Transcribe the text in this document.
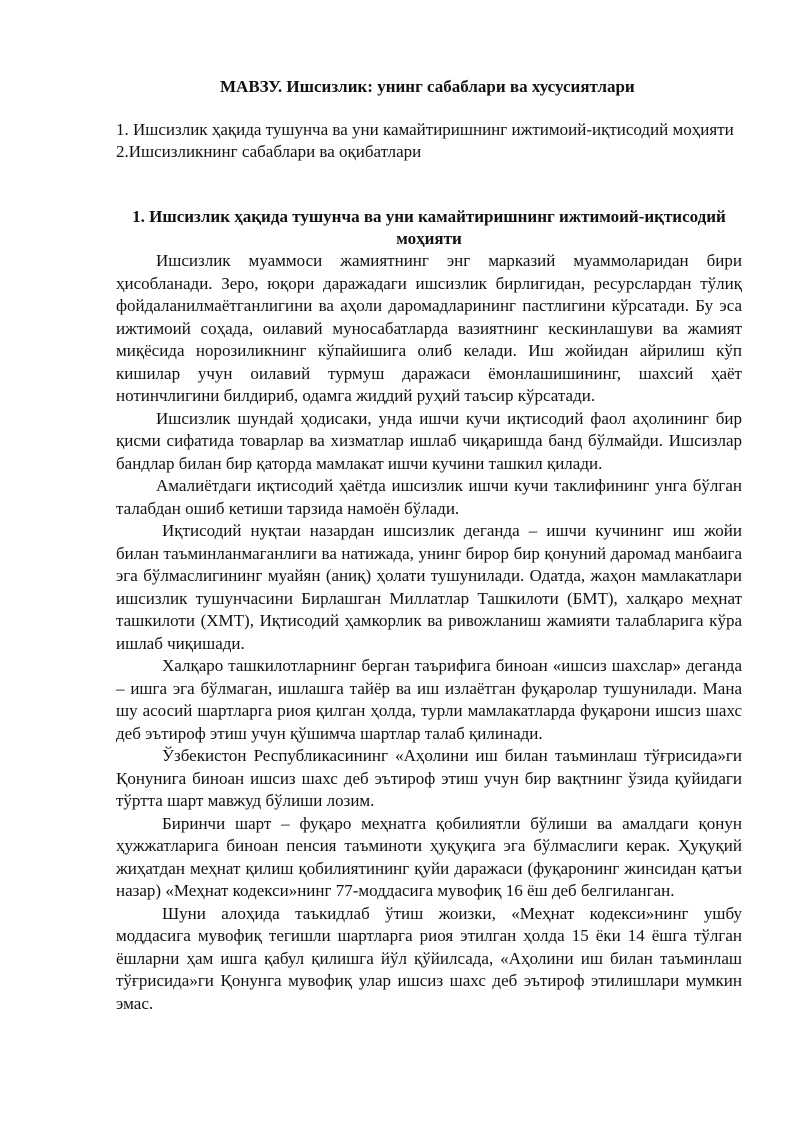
МАВЗУ. Ишсизлик: унинг сабаблари ва хусусиятлари
1. Ишсизлик ҳақида тушунча ва уни камайтиришнинг ижтимоий-иқтисодий моҳияти
2.Ишсизликнинг сабаблари ва оқибатлари
1. Ишсизлик ҳақида тушунча ва уни камайтиришнинг ижтимоий-иқтисодий моҳияти

Ишсизлик муаммоси жамиятнинг энг марказий муаммоларидан бири ҳисобланади. Зеро, юқори даражадаги ишсизлик бирлигидан, ресурслардан тўлиқ фойдаланилмаётганлигини ва аҳоли даромадларининг пастлигини кўрсатади. Бу эса ижтимоий соҳада, оилавий муносабатларда вазиятнинг кескинлашуви ва жамият миқёсида норозиликнинг кўпайишига олиб келади. Иш жойидан айрилиш кўп кишилар учун оилавий турмуш даражаси ёмонлашишининг, шахсий ҳаёт нотинчлигини билдириб, одамга жиддий руҳий таъсир кўрсатади.

Ишсизлик шундай ҳодисаки, унда ишчи кучи иқтисодий фаол аҳолининг бир қисми сифатида товарлар ва хизматлар ишлаб чиқаришда банд бўлмайди. Ишсизлар бандлар билан бир қаторда мамлакат ишчи кучини ташкил қилади.

Амалиётдаги иқтисодий ҳаётда ишсизлик ишчи кучи таклифининг унга бўлган талабдан ошиб кетиши тарзида намоён бўлади.

Иқтисодий нуқтаи назардан ишсизлик деганда – ишчи кучининг иш жойи билан таъминланмаганлиги ва натижада, унинг бирор бир қонуний даромад манбаига эга бўлмаслигининг муайян (аниқ) ҳолати тушунилади. Одатда, жаҳон мамлакатлари ишсизлик тушунчасини Бирлашган Миллатлар Ташкилоти (БМТ), халқаро меҳнат ташкилоти (ХМТ), Иқтисодий ҳамкорлик ва ривожланиш жамияти талабларига кўра ишлаб чиқишади.

Халқаро ташкилотларнинг берган таърифига биноан «ишсиз шахслар» деганда – ишга эга бўлмаган, ишлашга тайёр ва иш излаётган фуқаролар тушунилади. Мана шу асосий шартларга риоя қилган ҳолда, турли мамлакатларда фуқарони ишсиз шахс деб эътироф этиш учун қўшимча шартлар талаб қилинади.

Ўзбекистон Республикасининг «Аҳолини иш билан таъминлаш тўғрисида»ги Қонунига биноан ишсиз шахс деб эътироф этиш учун бир вақтнинг ўзида қуйидаги тўртта шарт мавжуд бўлиши лозим.

Биринчи шарт – фуқаро меҳнатга қобилиятли бўлиши ва амалдаги қонун ҳужжатларига биноан пенсия таъминоти ҳуқуқига эга бўлмаслиги керак. Ҳуқуқий жиҳатдан меҳнат қилиш қобилиятининг қуйи даражаси (фуқаронинг жинсидан қатъи назар) «Меҳнат кодекси»нинг 77-моддасига мувофиқ 16 ёш деб белгиланган.

Шуни алоҳида таъкидлаб ўтиш жоизки, «Меҳнат кодекси»нинг ушбу моддасига мувофиқ тегишли шартларга риоя этилган ҳолда 15 ёки 14 ёшга тўлган ёшларни ҳам ишга қабул қилишга йўл қўйилсада, «Аҳолини иш билан таъминлаш тўғрисида»ги Қонунга мувофиқ улар ишсиз шахс деб эътироф этилишлари мумкин эмас.
